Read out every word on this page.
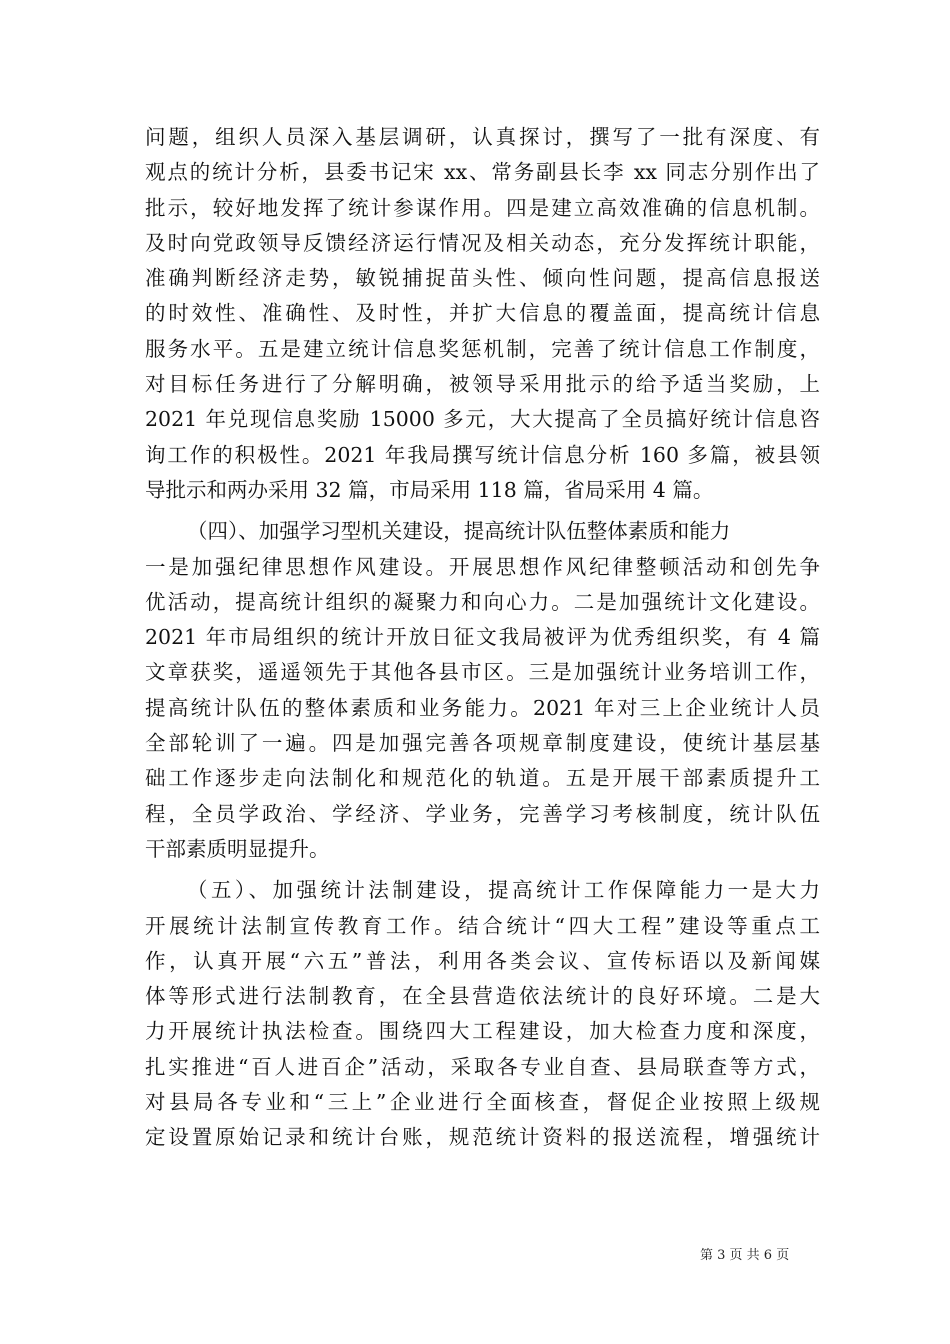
问题，组织人员深入基层调研，认真探讨，撰写了一批有深度、有
观点的统计分析，县委书记宋 xx、常务副县长李 xx 同志分别作出了
批示，较好地发挥了统计参谋作用。四是建立高效准确的信息机制。
及时向党政领导反馈经济运行情况及相关动态，充分发挥统计职能，
准确判断经济走势，敏锐捕捉苗头性、倾向性问题，提高信息报送
的时效性、准确性、及时性，并扩大信息的覆盖面，提高统计信息
服务水平。五是建立统计信息奖惩机制，完善了统计信息工作制度，
对目标任务进行了分解明确，被领导采用批示的给予适当奖励，上
2021 年兑现信息奖励 15000 多元，大大提高了全员搞好统计信息咨
询工作的积极性。2021 年我局撰写统计信息分析 160 多篇，被县领
导批示和两办采用 32 篇，市局采用 118 篇，省局采用 4 篇。
（四）、加强学习型机关建设，提高统计队伍整体素质和能力
一是加强纪律思想作风建设。开展思想作风纪律整顿活动和创先争
优活动，提高统计组织的凝聚力和向心力。二是加强统计文化建设。
2021 年市局组织的统计开放日征文我局被评为优秀组织奖，有 4 篇
文章获奖，遥遥领先于其他各县市区。三是加强统计业务培训工作，
提高统计队伍的整体素质和业务能力。2021 年对三上企业统计人员
全部轮训了一遍。四是加强完善各项规章制度建设，使统计基层基
础工作逐步走向法制化和规范化的轨道。五是开展干部素质提升工
程，全员学政治、学经济、学业务，完善学习考核制度，统计队伍
干部素质明显提升。
（五）、加强统计法制建设，提高统计工作保障能力一是大力
开展统计法制宣传教育工作。结合统计“四大工程”建设等重点工
作，认真开展“六五”普法，利用各类会议、宣传标语以及新闻媒
体等形式进行法制教育，在全县营造依法统计的良好环境。二是大
力开展统计执法检查。围绕四大工程建设，加大检查力度和深度，
扎实推进“百人进百企”活动，采取各专业自查、县局联查等方式，
对县局各专业和“三上”企业进行全面核查，督促企业按照上级规
定设置原始记录和统计台账，规范统计资料的报送流程，增强统计
第 3 页 共 6 页
